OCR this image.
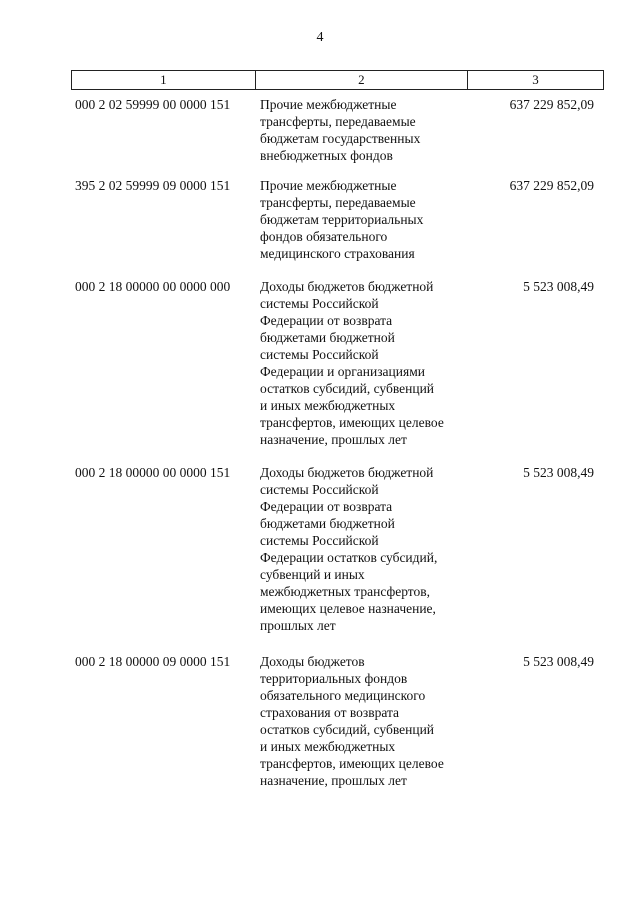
4
1	2	3
000 2 02 59999 00 0000 151 Прочие межбюджетные
трансферты, передаваемые
бюджетам государственных
внебюджетных фондов
637 229 852,09
395 2 02 59999 09 0000 151 Прочие межбюджетные
трансферты, передаваемые
бюджетам территориальных
фондов обязательного
медицинского страхования
637 229 852,09
000 2 18 00000 00 0000 000 Доходы бюджетов бюджетной
системы Российской
Федерации от возврата
бюджетами бюджетной
системы Российской
Федерации и организациями
остатков субсидий, субвенций
и иных межбюджетных
трансфертов, имеющих целевое
назначение, прошлых лет
5 523 008,49
000 2 18 00000 00 0000 151 Доходы бюджетов бюджетной
системы Российской
Федерации от возврата
бюджетами бюджетной
системы Российской
Федерации остатков субсидий,
субвенций и иных
межбюджетных трансфертов,
имеющих целевое назначение,
прошлых лет
5 523 008,49
000 2 18 00000 09 0000 151 Доходы бюджетов
территориальных фондов
обязательного медицинского
страхования от возврата
остатков субсидий, субвенций
и иных межбюджетных
трансфертов, имеющих целевое
назначение, прошлых лет
5 523 008,49
